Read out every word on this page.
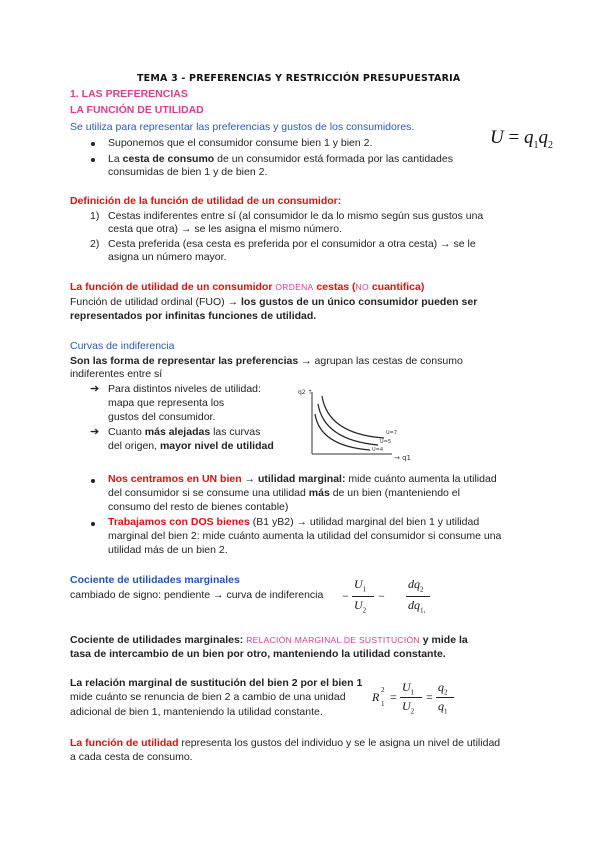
TEMA 3 - PREFERENCIAS Y RESTRICCIÓN PRESUPUESTARIA
1. LAS PREFERENCIAS
LA FUNCIÓN DE UTILIDAD
Se utiliza para representar las preferencias y gustos de los consumidores.
Suponemos que el consumidor consume bien 1 y bien 2.
La cesta de consumo de un consumidor está formada por las cantidades
consumidas de bien 1 y de bien 2.
$U = q_1q_2$
Definición de la función de utilidad de un consumidor:
1) Cestas indiferentes entre sí (al consumidor le da lo mismo según sus gustos una
cesta que otra) → se les asigna el mismo número.
2) Cesta preferida (esa cesta es preferida por el consumidor a otra cesta) → se le
asigna un número mayor.
La función de utilidad de un consumidor ORDENA cestas (NO cuantifica)
Función de utilidad ordinal (FUO) → los gustos de un único consumidor pueden ser
representados por infinitas funciones de utilidad.
Curvas de indiferencia
Son las forma de representar las preferencias → agrupan las cestas de consumo
indiferentes entre sí
➔ Para distintos niveles de utilidad:
mapa que representa los
gustos del consumidor.
➔ Cuanto más alejadas las curvas
del origen, mayor nivel de utilidad
q2 ↑
→ q1
U=7
U=5
U=4
Nos centramos en UN bien → utilidad marginal: mide cuánto aumenta la utilidad
del consumidor si se consume una utilidad más de un bien (manteniendo el
consumo del resto de bienes contable)
Trabajamos con DOS bienes (B1 yB2) → utilidad marginal del bien 1 y utilidad
marginal del bien 2: mide cuánto aumenta la utilidad del consumidor si consume una
utilidad más de un bien 2.
Cociente de utilidades marginales
cambiado de signo: pendiente → curva de indiferencia −
$U_1$
$U_2$
−
$dq_2$
$dq_{1,}$
Cociente de utilidades marginales: RELACIÓN MARGINAL DE SUSTITUCIÓN y mide la
tasa de intercambio de un bien por otro, manteniendo la utilidad constante.
La relación marginal de sustitución del bien 2 por el bien 1
mide cuánto se renuncia de bien 2 a cambio de una unidad
adicional de bien 1, manteniendo la utilidad constante.
R 2
1 =
$U_1$
$U_2$
=
$q_2$
$q_1$
La función de utilidad representa los gustos del individuo y se le asigna un nivel de utilidad
a cada cesta de consumo.
